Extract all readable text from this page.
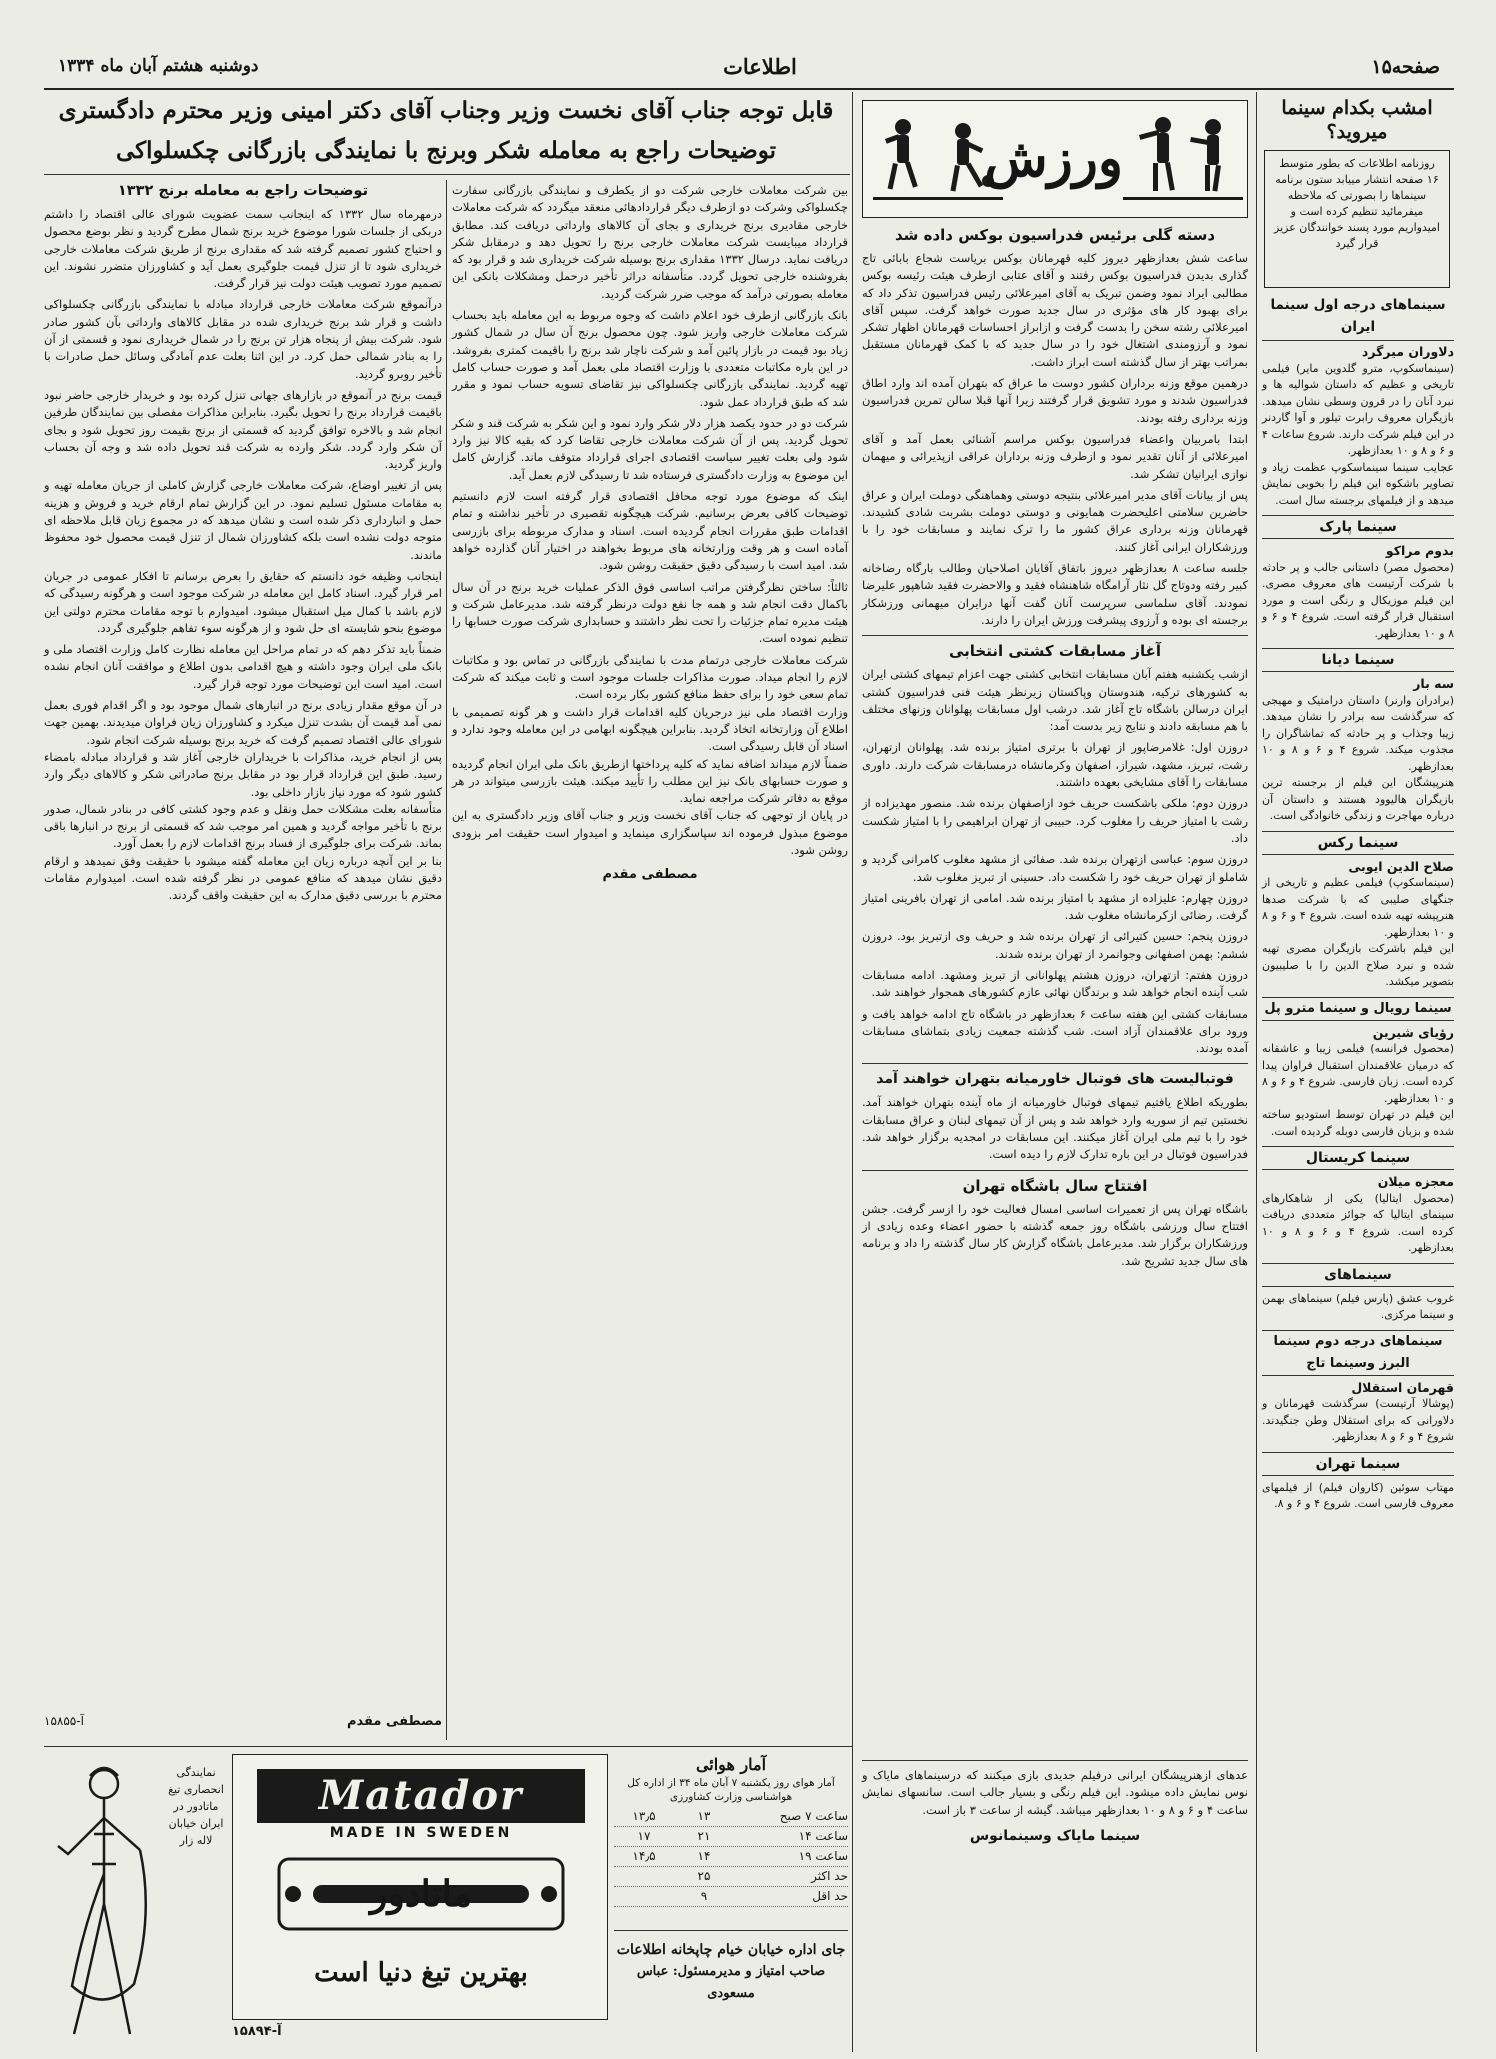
صفحه۱۵
اطلاعات
دوشنبه هشتم آبان ماه ۱۳۳۴
امشب بکدام سینما میروید؟
روزنامه اطلاعات که بطور متوسط ۱۶ صفحه انتشار مییابد ستون برنامه سینماها را بصورتی که ملاحظه میفرمائید تنظیم کرده است و امیدواریم مورد پسند خوانندگان عزیز قرار گیرد
سینماهای درجه اول سینما ایران
دلاوران میرگرد
(سینماسکوپ، مترو گلدوین مایر) فیلمی تاریخی و عظیم که داستان شوالیه ها و نبرد آنان را در قرون وسطی نشان میدهد. بازیگران معروف رابرت تیلور و آوا گاردنر در این فیلم شرکت دارند. شروع ساعات ۴ و ۶ و ۸ و ۱۰ بعدازظهر.
عجایب سینما سینماسکوپ عظمت زیاد و تصاویر باشکوه این فیلم را بخوبی نمایش میدهد و از فیلمهای برجسته سال است.
سینما پارک
بدوم مراکو
(محصول مصر) داستانی جالب و پر حادثه با شرکت آرتیست های معروف مصری. این فیلم موزیکال و رنگی است و مورد استقبال قرار گرفته است. شروع ۴ و ۶ و ۸ و ۱۰ بعدازظهر.
سینما دیانا
سه بار
(برادران وارنر) داستان درامتیک و مهیجی که سرگذشت سه برادر را نشان میدهد. زیبا وجذاب و پر حادثه که تماشاگران را مجذوب میکند. شروع ۴ و ۶ و ۸ و ۱۰ بعدازظهر.
هنرپیشگان این فیلم از برجسته ترین بازیگران هالیوود هستند و داستان آن درباره مهاجرت و زندگی خانوادگی است.
سینما رکس
صلاح الدین ایوبی
(سینماسکوپ) فیلمی عظیم و تاریخی از جنگهای صلیبی که با شرکت صدها هنرپیشه تهیه شده است. شروع ۴ و ۶ و ۸ و ۱۰ بعدازظهر.
این فیلم باشرکت بازیگران مصری تهیه شده و نبرد صلاح الدین را با صلیبیون بتصویر میکشد.
سینما رویال و سینما مترو پل
رؤیای شیرین
(محصول فرانسه) فیلمی زیبا و عاشقانه که درمیان علاقمندان استقبال فراوان پیدا کرده است. زبان فارسی. شروع ۴ و ۶ و ۸ و ۱۰ بعدازظهر.
این فیلم در تهران توسط استودیو ساخته شده و بزبان فارسی دوبله گردیده است.
سینما کریستال
معجزه میلان
(محصول ایتالیا) یکی از شاهکارهای سینمای ایتالیا که جوائز متعددی دریافت کرده است. شروع ۴ و ۶ و ۸ و ۱۰ بعدازظهر.
سینماهای
غروب عشق (پارس فیلم) سینماهای بهمن و سینما مرکزی.
سینماهای درجه دوم سینما البرز وسینما تاج
قهرمان استقلال
(پوشالا آرتیست) سرگذشت قهرمانان و دلاورانی که برای استقلال وطن جنگیدند. شروع ۴ و ۶ و ۸ بعدازظهر.
سینما تهران
مهتاب سوئین (کاروان فیلم) از فیلمهای معروف فارسی است. شروع ۴ و ۶ و ۸.
ورزش
دسته گلی برئیس فدراسیون بوکس داده شد

ساعت شش بعدازظهر دیروز کلیه قهرمانان بوکس بریاست شجاع بابائی تاج گذاری بدیدن فدراسیون بوکس رفتند و آقای عتابی ازطرف هیئت رئیسه بوکس مطالبی ایراد نمود وضمن تبریک به آقای امیرعلائی رئیس فدراسیون تذکر داد که برای بهبود کار های مؤثری در سال جدید صورت خواهد گرفت. سپس آقای امیرعلائی رشته سخن را بدست گرفت و ازابراز احساسات قهرمانان اظهار تشکر نمود و آرزومندی اشتغال خود را در سال جدید که با کمک قهرمانان مستقبل بمراتب بهتر از سال گذشته است ابراز داشت.

درهمین موقع وزنه برداران کشور دوست ما عراق که بتهران آمده اند وارد اطاق فدراسیون شدند و مورد تشویق قرار گرفتند زیرا آنها قبلا سالن تمرین فدراسیون وزنه برداری رفته بودند.

ابتدا بامربیان واعضاء فدراسیون بوکس مراسم آشنائی بعمل آمد و آقای امیرعلائی از آنان تقدیر نمود و ازطرف وزنه برداران عراقی ازپذیرائی و میهمان نوازی ایرانیان تشکر شد.

پس از بیانات آقای مدیر امیرعلائی بنتیجه دوستی وهماهنگی دوملت ایران و عراق حاضرین سلامتی اعلیحضرت همایونی و دوستی دوملت بشربت شادی کشیدند. قهرمانان وزنه برداری عراق کشور ما را ترک نمایند و مسابقات خود را با ورزشکاران ایرانی آغاز کنند.

جلسه ساعت ۸ بعدازظهر دیروز باتفاق آقایان اصلاحیان وطالب بارگاه رضاخانه کبیر رفته ودوتاج گل نثار آرامگاه شاهنشاه فقید و والاحضرت فقید شاهپور علیرضا نمودند. آقای سلماسی سرپرست آنان گفت آنها درایران میهمانی ورزشکار برجسته ای بوده و آرزوی پیشرفت ورزش ایران را دارند.

آغاز مسابقات کشتی انتخابی

ازشب یکشنبه هفتم آبان مسابقات انتخابی کشتی جهت اعزام تیمهای کشتی ایران به کشورهای ترکیه، هندوستان وپاکستان زیرنظر هیئت فنی فدراسیون کشتی ایران درسالن باشگاه تاج آغاز شد. درشب اول مسابقات پهلوانان وزنهای مختلف با هم مسابقه دادند و نتایج زیر بدست آمد:

دروزن اول: غلامرضاپور از تهران با برتری امتیاز برنده شد. پهلوانان ازتهران، رشت، تبریز، مشهد، شیراز، اصفهان وکرمانشاه درمسابقات شرکت دارند. داوری مسابقات را آقای مشایخی بعهده داشتند.

دروزن دوم: ملکی باشکست حریف خود ازاصفهان برنده شد. منصور مهدیزاده از رشت با امتیاز حریف را مغلوب کرد. حبیبی از تهران ابراهیمی را با امتیاز شکست داد.

دروزن سوم: عباسی ازتهران برنده شد. صفائی از مشهد مغلوب کامرانی گردید و شاملو از تهران حریف خود را شکست داد. حسینی از تبریز مغلوب شد.

دروزن چهارم: علیزاده از مشهد با امتیاز برنده شد. امامی از تهران بافرینی امتیاز گرفت. رضائی ازکرمانشاه مغلوب شد.

دروزن پنجم: حسین کتیرائی از تهران برنده شد و حریف وی ازتبریز بود. دروزن ششم: بهمن اصفهانی وجوانمرد از تهران برنده شدند.

دروزن هفتم: ازتهران، دروزن هشتم پهلوانانی از تبریز ومشهد. ادامه مسابقات شب آینده انجام خواهد شد و برندگان نهائی عازم کشورهای همجوار خواهند شد.

مسابقات کشتی این هفته ساعت ۶ بعدازظهر در باشگاه تاج ادامه خواهد یافت و ورود برای علاقمندان آزاد است. شب گذشته جمعیت زیادی بتماشای مسابقات آمده بودند.

فوتبالیست های فوتبال خاورمیانه بتهران خواهند آمد

بطوریکه اطلاع یافتیم تیمهای فوتبال خاورمیانه از ماه آینده بتهران خواهند آمد. نخستین تیم از سوریه وارد خواهد شد و پس از آن تیمهای لبنان و عراق مسابقات خود را با تیم ملی ایران آغاز میکنند. این مسابقات در امجدیه برگزار خواهد شد. فدراسیون فوتبال در این باره تدارک لازم را دیده است.

افتتاح سال باشگاه تهران

باشگاه تهران پس از تعمیرات اساسی امسال فعالیت خود را ازسر گرفت. جشن افتتاح سال ورزشی باشگاه روز جمعه گذشته با حضور اعضاء وعده زیادی از ورزشکاران برگزار شد. مدیرعامل باشگاه گزارش کار سال گذشته را داد و برنامه های سال جدید تشریح شد.

عدهای ازهنرپیشگان ایرانی درفیلم جدیدی بازی میکنند که درسینماهای مایاک و نوس نمایش داده میشود. این فیلم رنگی و بسیار جالب است. سانسهای نمایش ساعت ۴ و ۶ و ۸ و ۱۰ بعدازظهر میباشد. گیشه از ساعت ۳ باز است.

سینما مایاک وسینمانوس
قابل توجه جناب آقای نخست وزیر وجناب آقای دکتر امینی وزیر محترم دادگستری
توضیحات راجع به معامله شکر وبرنج با نمایندگی بازرگانی چکسلواکی

بین شرکت معاملات خارجی شرکت دو از یکطرف و نمایندگی بازرگانی سفارت چکسلواکی وشرکت دو ازطرف دیگر قراردادهائی منعقد میگردد که شرکت معاملات خارجی مقادیری برنج خریداری و بجای آن کالاهای وارداتی دریافت کند. مطابق قرارداد میبایست شرکت معاملات خارجی برنج را تحویل دهد و درمقابل شکر دریافت نماید. درسال ۱۳۳۲ مقداری برنج بوسیله شرکت خریداری شد و قرار بود که بفروشنده خارجی تحویل گردد. متأسفانه دراثر تأخیر درحمل ومشکلات بانکی این معامله بصورتی درآمد که موجب ضرر شرکت گردید.

بانک بازرگانی ازطرف خود اعلام داشت که وجوه مربوط به این معامله باید بحساب شرکت معاملات خارجی واریز شود. چون محصول برنج آن سال در شمال کشور زیاد بود قیمت در بازار پائین آمد و شرکت ناچار شد برنج را باقیمت کمتری بفروشد. در این باره مکاتبات متعددی با وزارت اقتصاد ملی بعمل آمد و صورت حساب کامل تهیه گردید. نمایندگی بازرگانی چکسلواکی نیز تقاضای تسویه حساب نمود و مقرر شد که طبق قرارداد عمل شود.

شرکت دو در حدود یکصد هزار دلار شکر وارد نمود و این شکر به شرکت قند و شکر تحویل گردید. پس از آن شرکت معاملات خارجی تقاضا کرد که بقیه کالا نیز وارد شود ولی بعلت تغییر سیاست اقتصادی اجرای قرارداد متوقف ماند. گزارش کامل این موضوع به وزارت دادگستری فرستاده شد تا رسیدگی لازم بعمل آید.

اینک که موضوع مورد توجه محافل اقتصادی قرار گرفته است لازم دانستیم توضیحات کافی بعرض برسانیم. شرکت هیچگونه تقصیری در تأخیر نداشته و تمام اقدامات طبق مقررات انجام گردیده است. اسناد و مدارک مربوطه برای بازرسی آماده است و هر وقت وزارتخانه های مربوط بخواهند در اختیار آنان گذارده خواهد شد. امید است با رسیدگی دقیق حقیقت روشن شود.

ثالثاً: ساختن نظرگرفتن مراتب اساسی فوق الذکر عملیات خرید برنج در آن سال باکمال دقت انجام شد و همه جا نفع دولت درنظر گرفته شد. مدیرعامل شرکت و هیئت مدیره تمام جزئیات را تحت نظر داشتند و حسابداری شرکت صورت حسابها را تنظیم نموده است.

شرکت معاملات خارجی درتمام مدت با نمایندگی بازرگانی در تماس بود و مکاتبات لازم را انجام میداد. صورت مذاکرات جلسات موجود است و ثابت میکند که شرکت تمام سعی خود را برای حفظ منافع کشور بکار برده است.

وزارت اقتصاد ملی نیز درجریان کلیه اقدامات قرار داشت و هر گونه تصمیمی با اطلاع آن وزارتخانه اتخاذ گردید. بنابراین هیچگونه ابهامی در این معامله وجود ندارد و اسناد آن قابل رسیدگی است.

ضمناً لازم میداند اضافه نماید که کلیه پرداختها ازطریق بانک ملی ایران انجام گردیده و صورت حسابهای بانک نیز این مطلب را تأیید میکند. هیئت بازرسی میتواند در هر موقع به دفاتر شرکت مراجعه نماید.

در پایان از توجهی که جناب آقای نخست وزیر و جناب آقای وزیر دادگستری به این موضوع مبذول فرموده اند سپاسگزاری مینماید و امیدوار است حقیقت امر بزودی روشن شود.

مصطفی مقدم
توضیحات راجع به معامله برنج ۱۳۳۲

درمهرماه سال ۱۳۳۲ که اینجانب سمت عضویت شورای عالی اقتصاد را داشتم دربکی از جلسات شورا موضوع خرید برنج شمال مطرح گردید و نظر بوضع محصول و احتیاج کشور تصمیم گرفته شد که مقداری برنج از طریق شرکت معاملات خارجی خریداری شود تا از تنزل قیمت جلوگیری بعمل آید و کشاورزان متضرر نشوند. این تصمیم مورد تصویب هیئت دولت نیز قرار گرفت.

درآنموقع شرکت معاملات خارجی قرارداد مبادله با نمایندگی بازرگانی چکسلواکی داشت و قرار شد برنج خریداری شده در مقابل کالاهای وارداتی بآن کشور صادر شود. شرکت بیش از پنجاه هزار تن برنج را در شمال خریداری نمود و قسمتی از آن را به بنادر شمالی حمل کرد. در این اثنا بعلت عدم آمادگی وسائل حمل صادرات با تأخیر روبرو گردید.

قیمت برنج در آنموقع در بازارهای جهانی تنزل کرده بود و خریدار خارجی حاضر نبود باقیمت قرارداد برنج را تحویل بگیرد. بنابراین مذاکرات مفصلی بین نمایندگان طرفین انجام شد و بالاخره توافق گردید که قسمتی از برنج بقیمت روز تحویل شود و بجای آن شکر وارد گردد. شکر وارده به شرکت قند تحویل داده شد و وجه آن بحساب واریز گردید.

پس از تغییر اوضاع، شرکت معاملات خارجی گزارش کاملی از جریان معامله تهیه و به مقامات مسئول تسلیم نمود. در این گزارش تمام ارقام خرید و فروش و هزینه حمل و انبارداری ذکر شده است و نشان میدهد که در مجموع زیان قابل ملاحظه ای متوجه دولت نشده است بلکه کشاورزان شمال از تنزل قیمت محصول خود محفوظ ماندند.

اینجانب وظیفه خود دانستم که حقایق را بعرض برسانم تا افکار عمومی در جریان امر قرار گیرد. اسناد کامل این معامله در شرکت موجود است و هرگونه رسیدگی که لازم باشد با کمال میل استقبال میشود. امیدوارم با توجه مقامات محترم دولتی این موضوع بنحو شایسته ای حل شود و از هرگونه سوء تفاهم جلوگیری گردد.

ضمناً باید تذکر دهم که در تمام مراحل این معامله نظارت کامل وزارت اقتصاد ملی و بانک ملی ایران وجود داشته و هیچ اقدامی بدون اطلاع و موافقت آنان انجام نشده است. امید است این توضیحات مورد توجه قرار گیرد.

در آن موقع مقدار زیادی برنج در انبارهای شمال موجود بود و اگر اقدام فوری بعمل نمی آمد قیمت آن بشدت تنزل میکرد و کشاورزان زیان فراوان میدیدند. بهمین جهت شورای عالی اقتصاد تصمیم گرفت که خرید برنج بوسیله شرکت انجام شود.

پس از انجام خرید، مذاکرات با خریداران خارجی آغاز شد و قرارداد مبادله بامضاء رسید. طبق این قرارداد قرار بود در مقابل برنج صادراتی شکر و کالاهای دیگر وارد کشور شود که مورد نیاز بازار داخلی بود.

متأسفانه بعلت مشکلات حمل ونقل و عدم وجود کشتی کافی در بنادر شمال، صدور برنج با تأخیر مواجه گردید و همین امر موجب شد که قسمتی از برنج در انبارها باقی بماند. شرکت برای جلوگیری از فساد برنج اقدامات لازم را بعمل آورد.

بنا بر این آنچه درباره زیان این معامله گفته میشود با حقیقت وفق نمیدهد و ارقام دقیق نشان میدهد که منافع عمومی در نظر گرفته شده است. امیدوارم مقامات محترم با بررسی دقیق مدارک به این حقیقت واقف گردند.

مصطفی مقدم
آ-۱۵۸۵۵
آمار هوائی
آمار هوای روز یکشنبه ۷ آبان ماه ۳۴ از اداره کل هواشناسی وزارت کشاورزی
ساعت ۷ صبح
۱۳
۱۳٫۵
ساعت ۱۴
۲۱
۱۷
ساعت ۱۹
۱۴
۱۴٫۵
حد اکثر
۲۵
حد اقل
۹
جای اداره خیابان خیام چاپخانه اطلاعات
صاحب امتیاز و مدیرمسئول: عباس مسعودی
Matador
MADE IN SWEDEN
ماتادور
بهترین تیغ دنیا است
آ-۱۵۸۹۴
نمایندگی انحصاری تیغ ماتادور در ایران خیابان لاله زار
